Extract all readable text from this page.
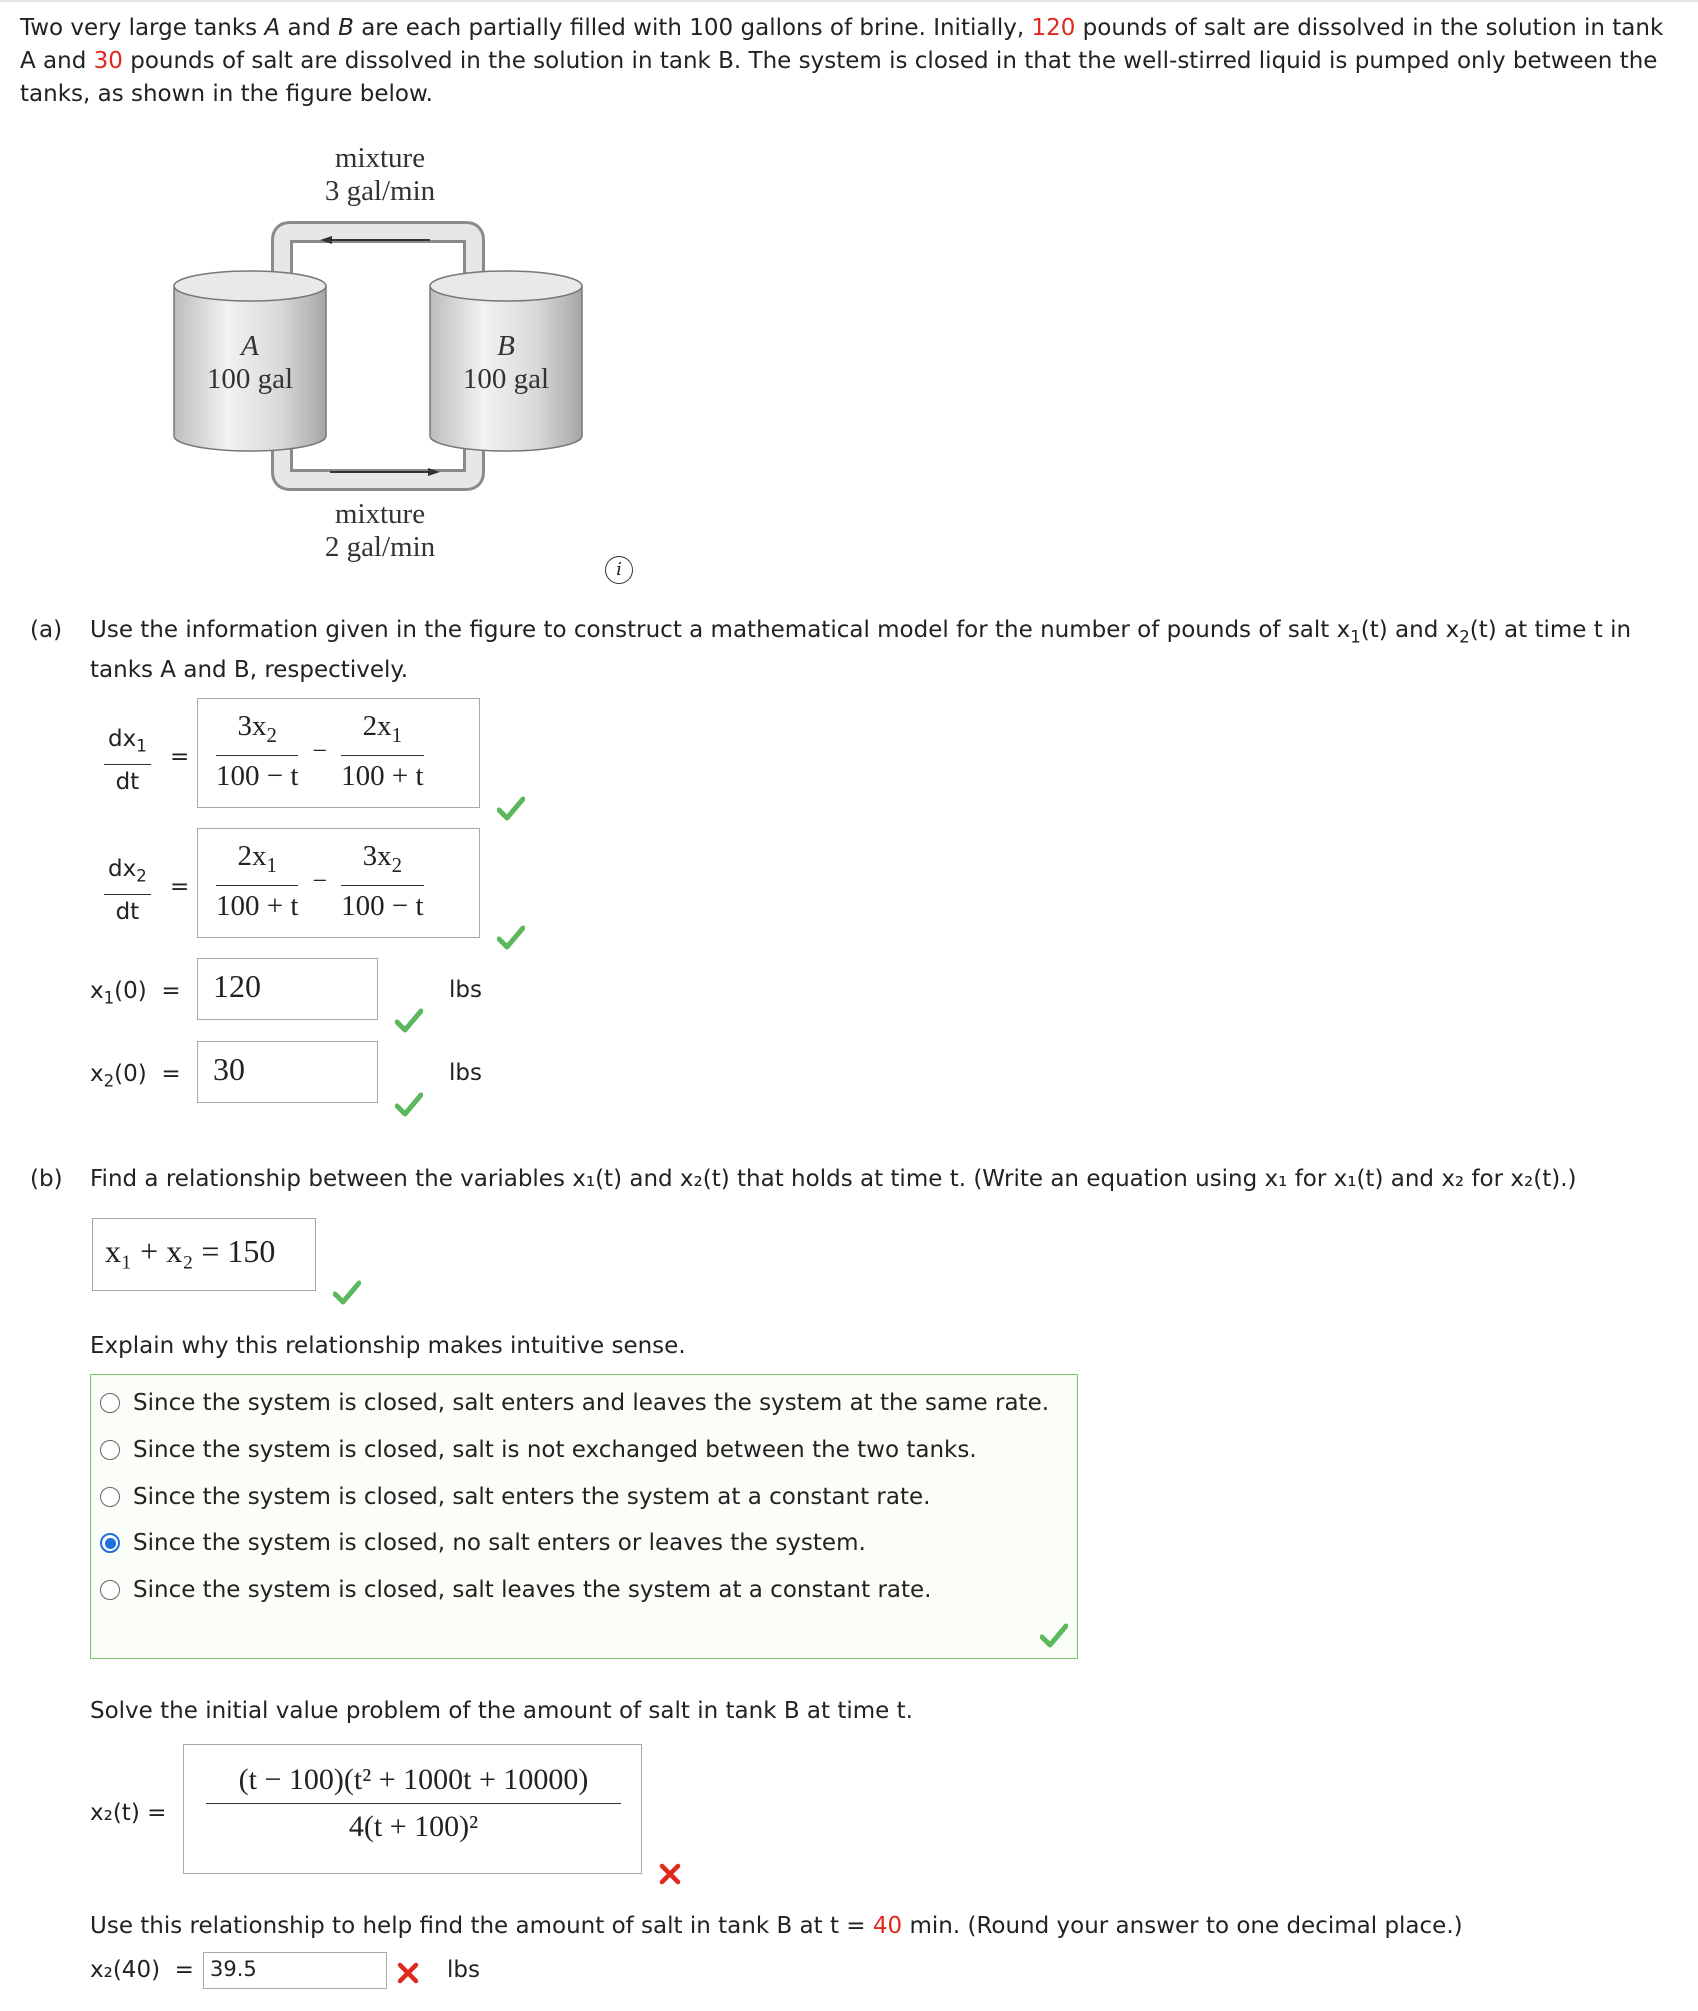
Two very large tanks A and B are each partially filled with 100 gallons of brine. Initially, 120 pounds of salt are dissolved in the solution in tank A and 30 pounds of salt are dissolved in the solution in tank B. The system is closed in that the well-stirred liquid is pumped only between the tanks, as shown in the figure below.
mixture
3 gal/min
A
100 gal
B
100 gal
mixture
2 gal/min
i
(a) Use the information given in the figure to construct a mathematical model for the number of pounds of salt $x_1(t)$ and $x_2(t)$ at time t in tanks A and B, respectively.
$\frac{dx_1}{dt} = \frac{3x_2}{100 - t} - \frac{2x_1}{100 + t}$
$\frac{dx_2}{dt} = \frac{2x_1}{100 + t} - \frac{3x_2}{100 - t}$
$x_1(0) = 120$	lbs
$x_2(0) = 30$	lbs
(b) Find a relationship between the variables x₁(t) and x₂(t) that holds at time t. (Write an equation using x₁ for x₁(t) and x₂ for x₂(t).)
x₁ + x₂ = 150
Explain why this relationship makes intuitive sense.
Since the system is closed, salt enters and leaves the system at the same rate.
Since the system is closed, salt is not exchanged between the two tanks.
Since the system is closed, salt enters the system at a constant rate.
Since the system is closed, no salt enters or leaves the system.
Since the system is closed, salt leaves the system at a constant rate.
Solve the initial value problem of the amount of salt in tank B at time t.
x₂(t) =
(t − 100)(t² + 1000t + 10000)
4(t + 100)²
Use this relationship to help find the amount of salt in tank B at t = 40 min. (Round your answer to one decimal place.)
x₂(40) = 39.5	lbs
